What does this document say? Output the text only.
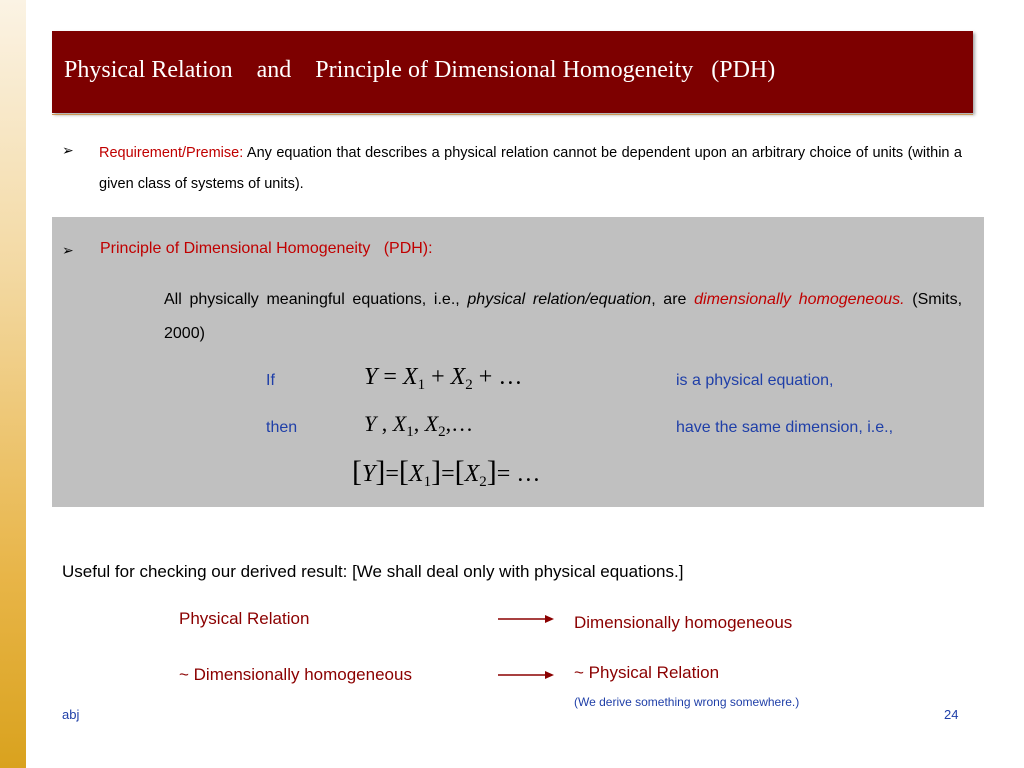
Physical Relation    and    Principle of Dimensional Homogeneity   (PDH)
➢ Requirement/Premise: Any equation that describes a physical relation cannot be dependent upon an arbitrary choice of units (within a given class of systems of units).

➢ Principle of Dimensional Homogeneity   (PDH):

All physically meaningful equations, i.e., physical relation/equation, are dimensionally homogeneous. (Smits, 2000)

If	$Y = X_1 + X_2$ + …	is a physical equation,
then	Y , $X_1$, $X_2,\dots$	have the same dimension, i.e.,
$[Y]=[X_1]=[X_2]=$ …
Useful for checking our derived result: [We shall deal only with physical equations.]
Physical Relation	Dimensionally homogeneous
~ Dimensionally homogeneous	~ Physical Relation
(We derive something wrong somewhere.)
abj	24
